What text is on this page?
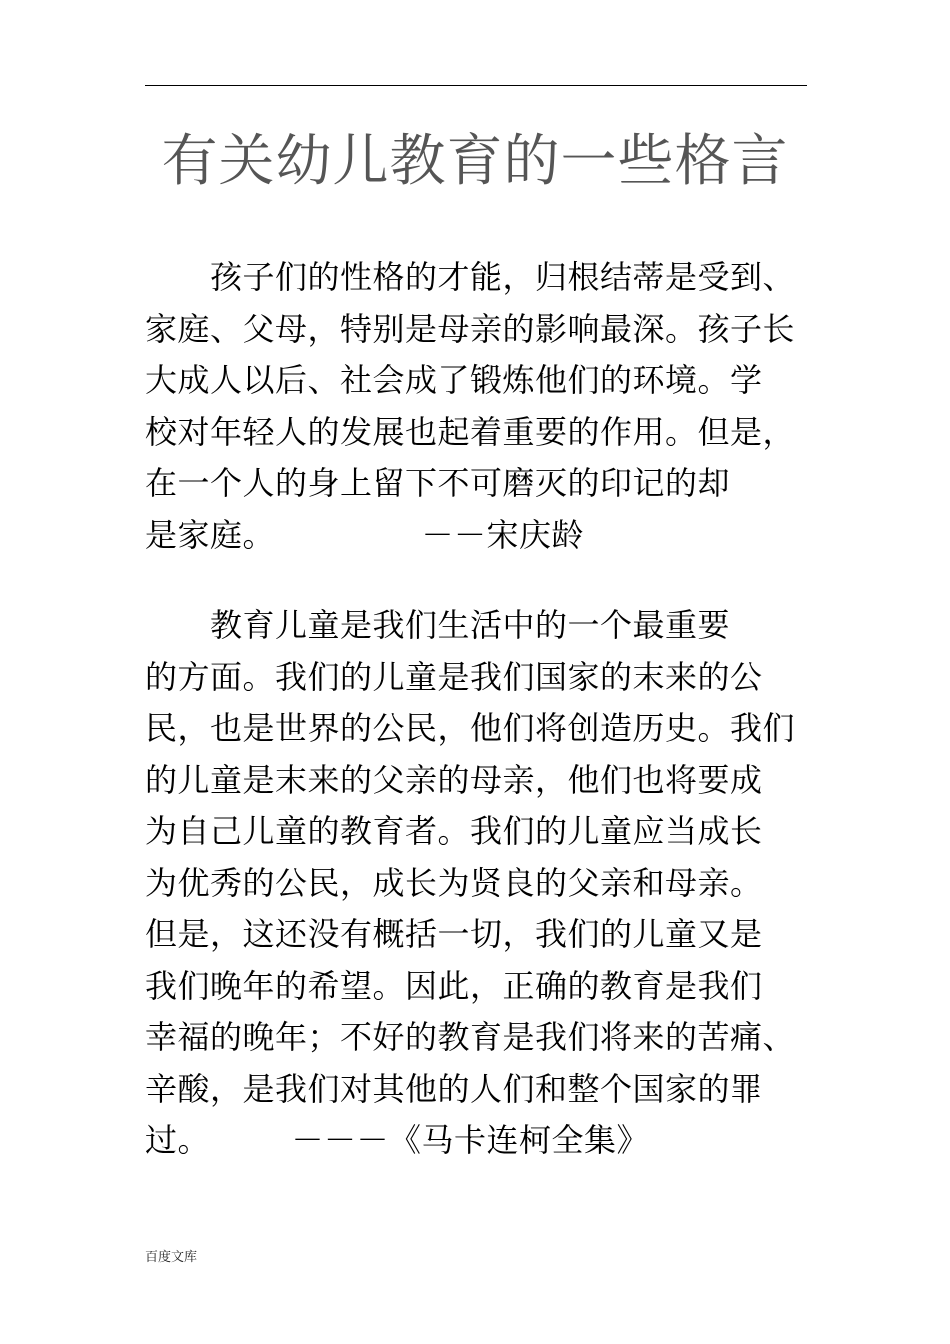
有关幼儿教育的一些格言

　　孩子们的性格的才能，归根结蒂是受到、
家庭、父母，特别是母亲的影响最深。孩子长
大成人以后、社会成了锻炼他们的环境。学
校对年轻人的发展也起着重要的作用。但是，
在一个人的身上留下不可磨灭的印记的却
是家庭。　　　　　－－宋庆龄

　　教育儿童是我们生活中的一个最重要
的方面。我们的儿童是我们国家的末来的公
民，也是世界的公民，他们将创造历史。我们
的儿童是末来的父亲的母亲，他们也将要成
为自己儿童的教育者。我们的儿童应当成长
为优秀的公民，成长为贤良的父亲和母亲。
但是，这还没有概括一切，我们的儿童又是
我们晚年的希望。因此，正确的教育是我们
幸福的晚年；不好的教育是我们将来的苦痛、
辛酸，是我们对其他的人们和整个国家的罪
过。　　　－－－《马卡连柯全集》

百度文库
